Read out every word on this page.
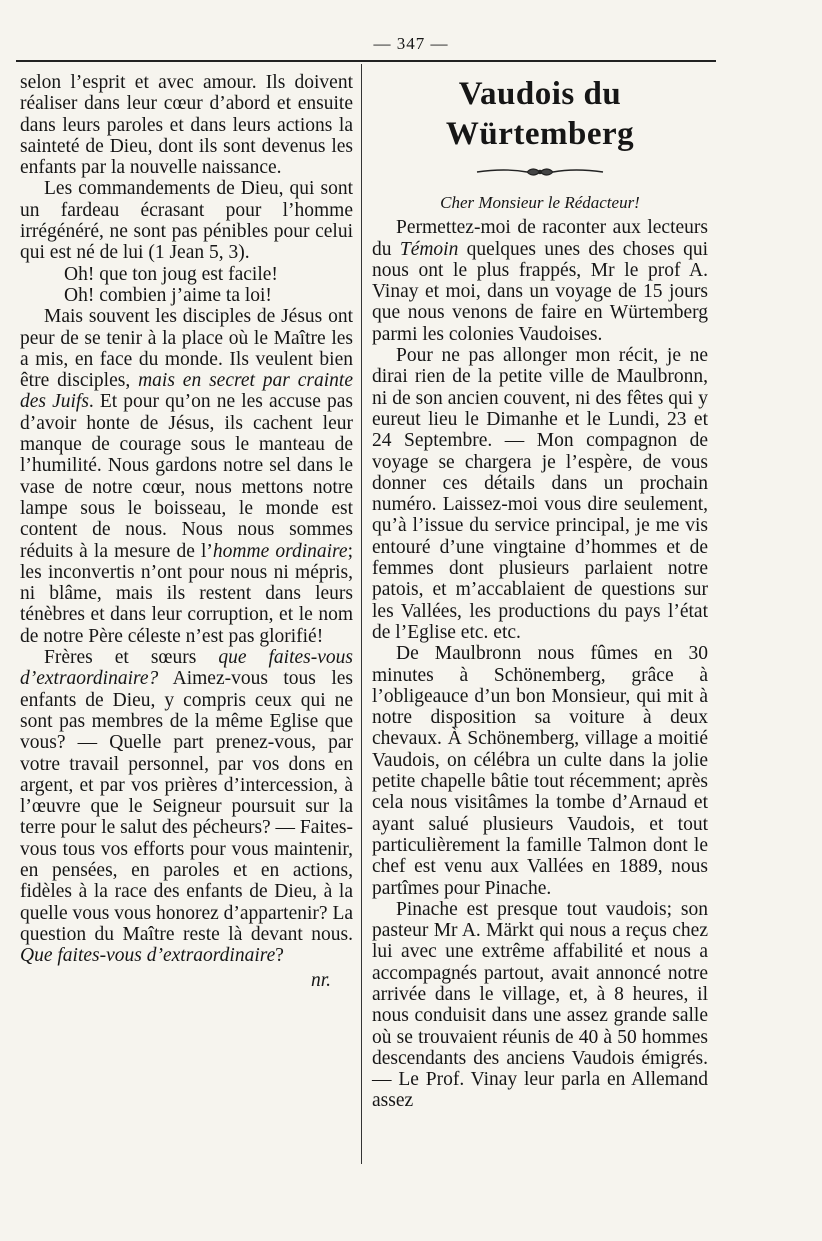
— 347 —

selon l’esprit et avec amour. Ils doivent réaliser dans leur cœur d’abord et ensuite dans leurs paroles et dans leurs actions la sainteté de Dieu, dont ils sont devenus les enfants par la nouvelle naissance.

Les commandements de Dieu, qui sont un fardeau écrasant pour l’homme irrégénéré, ne sont pas pénibles pour celui qui est né de lui (1 Jean 5, 3).

Oh! que ton joug est facile!
Oh! combien j’aime ta loi!

Mais souvent les disciples de Jésus ont peur de se tenir à la place où le Maître les a mis, en face du monde. Ils veulent bien être disciples, mais en secret par crainte des Juifs. Et pour qu’on ne les accuse pas d’avoir honte de Jésus, ils cachent leur manque de courage sous le manteau de l’humilité. Nous gardons notre sel dans le vase de notre cœur, nous mettons notre lampe sous le boisseau, le monde est content de nous. Nous nous sommes réduits à la mesure de l’homme ordinaire; les inconvertis n’ont pour nous ni mépris, ni blâme, mais ils restent dans leurs ténèbres et dans leur corruption, et le nom de notre Père céleste n’est pas glorifié!

Frères et sœurs que faites-vous d’extraordinaire? Aimez-vous tous les enfants de Dieu, y compris ceux qui ne sont pas membres de la même Eglise que vous? — Quelle part prenez-vous, par votre travail personnel, par vos dons en argent, et par vos prières d’intercession, à l’œuvre que le Seigneur poursuit sur la terre pour le salut des pécheurs? — Faites-vous tous vos efforts pour vous maintenir, en pensées, en paroles et en actions, fidèles à la race des enfants de Dieu, à la quelle vous vous honorez d’appartenir? La question du Maître reste là devant nous. Que faites-vous d’extraordinaire?

nr.
Vaudois du Würtemberg
Cher Monsieur le Rédacteur!

Permettez-moi de raconter aux lecteurs du Témoin quelques unes des choses qui nous ont le plus frappés, Mr le prof A. Vinay et moi, dans un voyage de 15 jours que nous venons de faire en Würtemberg parmi les colonies Vaudoises.

Pour ne pas allonger mon récit, je ne dirai rien de la petite ville de Maulbronn, ni de son ancien couvent, ni des fêtes qui y eureut lieu le Dimanhe et le Lundi, 23 et 24 Septembre. — Mon compagnon de voyage se chargera je l’espère, de vous donner ces détails dans un prochain numéro. Laissez-moi vous dire seulement, qu’à l’issue du service principal, je me vis entouré d’une vingtaine d’hommes et de femmes dont plusieurs parlaient notre patois, et m’accablaient de questions sur les Vallées, les productions du pays l’état de l’Eglise etc. etc.

De Maulbronn nous fûmes en 30 minutes à Schönemberg, grâce à l’obligeauce d’un bon Monsieur, qui mit à notre disposition sa voiture à deux chevaux. À Schönemberg, village a moitié Vaudois, on célébra un culte dans la jolie petite chapelle bâtie tout récemment; après cela nous visitâmes la tombe d’Arnaud et ayant salué plusieurs Vaudois, et tout particulièrement la famille Talmon dont le chef est venu aux Vallées en 1889, nous partîmes pour Pinache.

Pinache est presque tout vaudois; son pasteur Mr A. Märkt qui nous a reçus chez lui avec une extrême affabilité et nous a accompagnés partout, avait annoncé notre arrivée dans le village, et, à 8 heures, il nous conduisit dans une assez grande salle où se trouvaient réunis de 40 à 50 hommes descendants des anciens Vaudois émigrés. — Le Prof. Vinay leur parla en Allemand assez
